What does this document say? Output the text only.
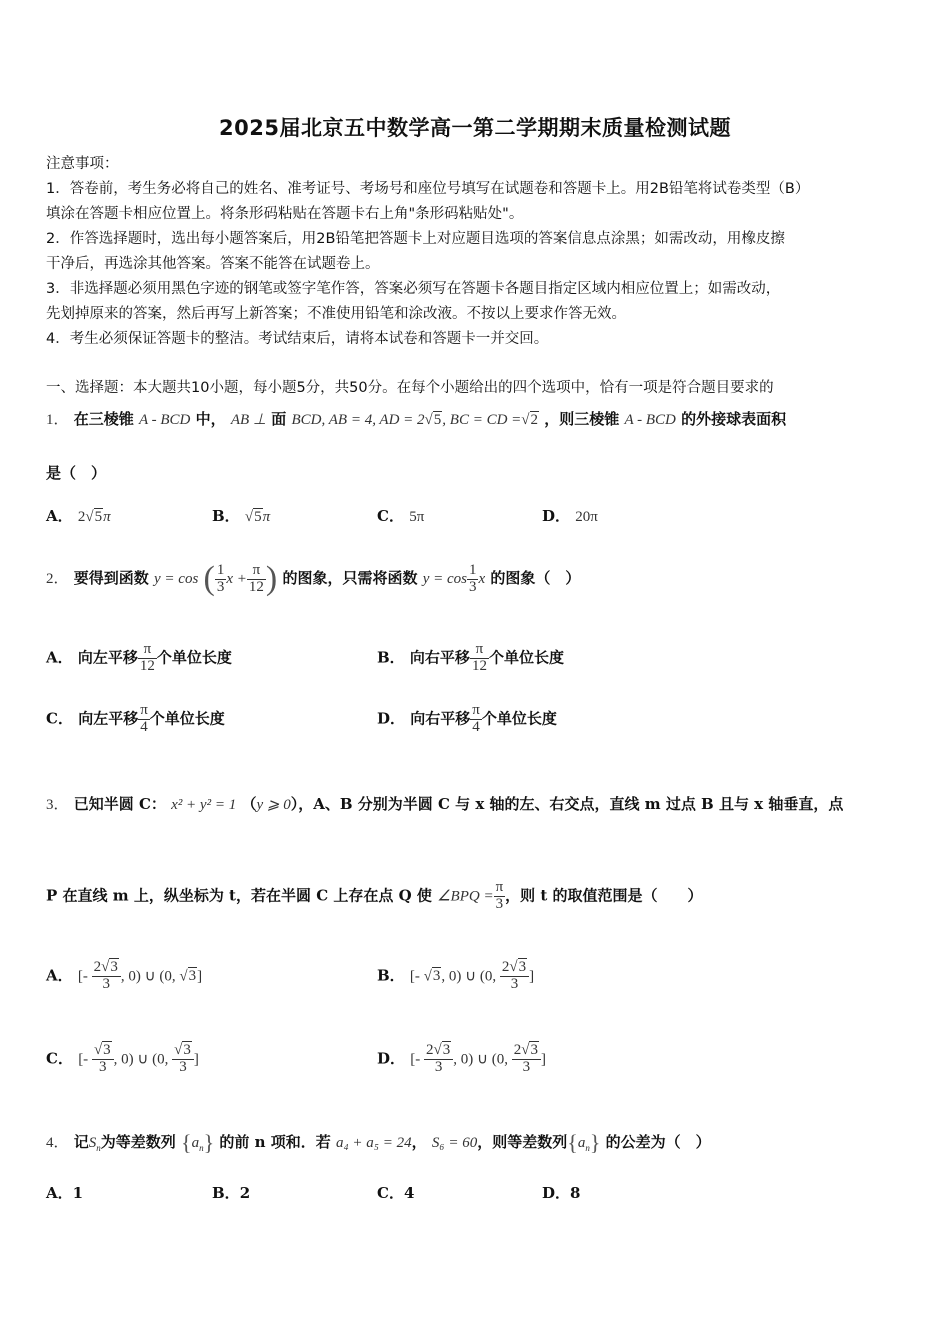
2025届北京五中数学高一第二学期期末质量检测试题
注意事项：
1．答卷前，考生务必将自己的姓名、准考证号、考场号和座位号填写在试题卷和答题卡上。用2B铅笔将试卷类型（B）
填涂在答题卡相应位置上。将条形码粘贴在答题卡右上角"条形码粘贴处"。
2．作答选择题时，选出每小题答案后，用2B铅笔把答题卡上对应题目选项的答案信息点涂黑；如需改动，用橡皮擦
干净后，再选涂其他答案。答案不能答在试题卷上。
3．非选择题必须用黑色字迹的钢笔或签字笔作答，答案必须写在答题卡各题目指定区域内相应位置上；如需改动，
先划掉原来的答案，然后再写上新答案；不准使用铅笔和涂改液。不按以上要求作答无效。
4．考生必须保证答题卡的整洁。考试结束后，请将本试卷和答题卡一并交回。
一、选择题：本大题共10小题，每小题5分，共50分。在每个小题给出的四个选项中，恰有一项是符合题目要求的
1． 在三棱锥 A - BCD 中， AB ⊥ 面 BCD, AB = 4, AD = 2√5, BC = CD =√2 ，则三棱锥 A - BCD 的外接球表面积
是（　）
A． 2√5π	B． √5π	C． 5π	D． 20π
2． 要得到函数 y = cos ( $\frac{1}{3}$ $x + \frac{\pi}{12}$ ) 的图象，只需将函数 $y = \cos \frac{1}{3}$ x 的图象（　）
A． 向左平移 $\frac{\pi}{12}$ 个单位长度	B． 向右平移 $\frac{\pi}{12}$ 个单位长度
C． 向左平移 $\frac{\pi}{4}$ 个单位长度	D． 向右平移 $\frac{\pi}{4}$ 个单位长度
3． 已知半圆 C： x² + y² = 1 （y ⩾ 0），A、B 分别为半圆 C 与 x 轴的左、右交点，直线 m 过点 B 且与 x 轴垂直，点
P 在直线 m 上，纵坐标为 t，若在半圆 C 上存在点 Q 使 ∠BPQ = $\frac{\pi}{3}$ ，则 t 的取值范围是（　　）
A． [- $\frac{2√3}{3}$ , 0) ∪ (0, √3]	B． [- √3, 0) ∪ (0, $\frac{2√3}{3}$ ]
C． [- $\frac{√3}{3}$ , 0) ∪ (0, $\frac{√3}{3}$ ]	D． [- $\frac{2√3}{3}$ , 0) ∪ (0, $\frac{2√3}{3}$ ]
4． 记$S_n$为等差数列 $\{a_n\}$ 的前 n 项和．若 a₄ + a₅ = 24， S₆ = 60，则等差数列$\{a_n\}$ 的公差为（　）
A．1	B．2	C．4	D．8
